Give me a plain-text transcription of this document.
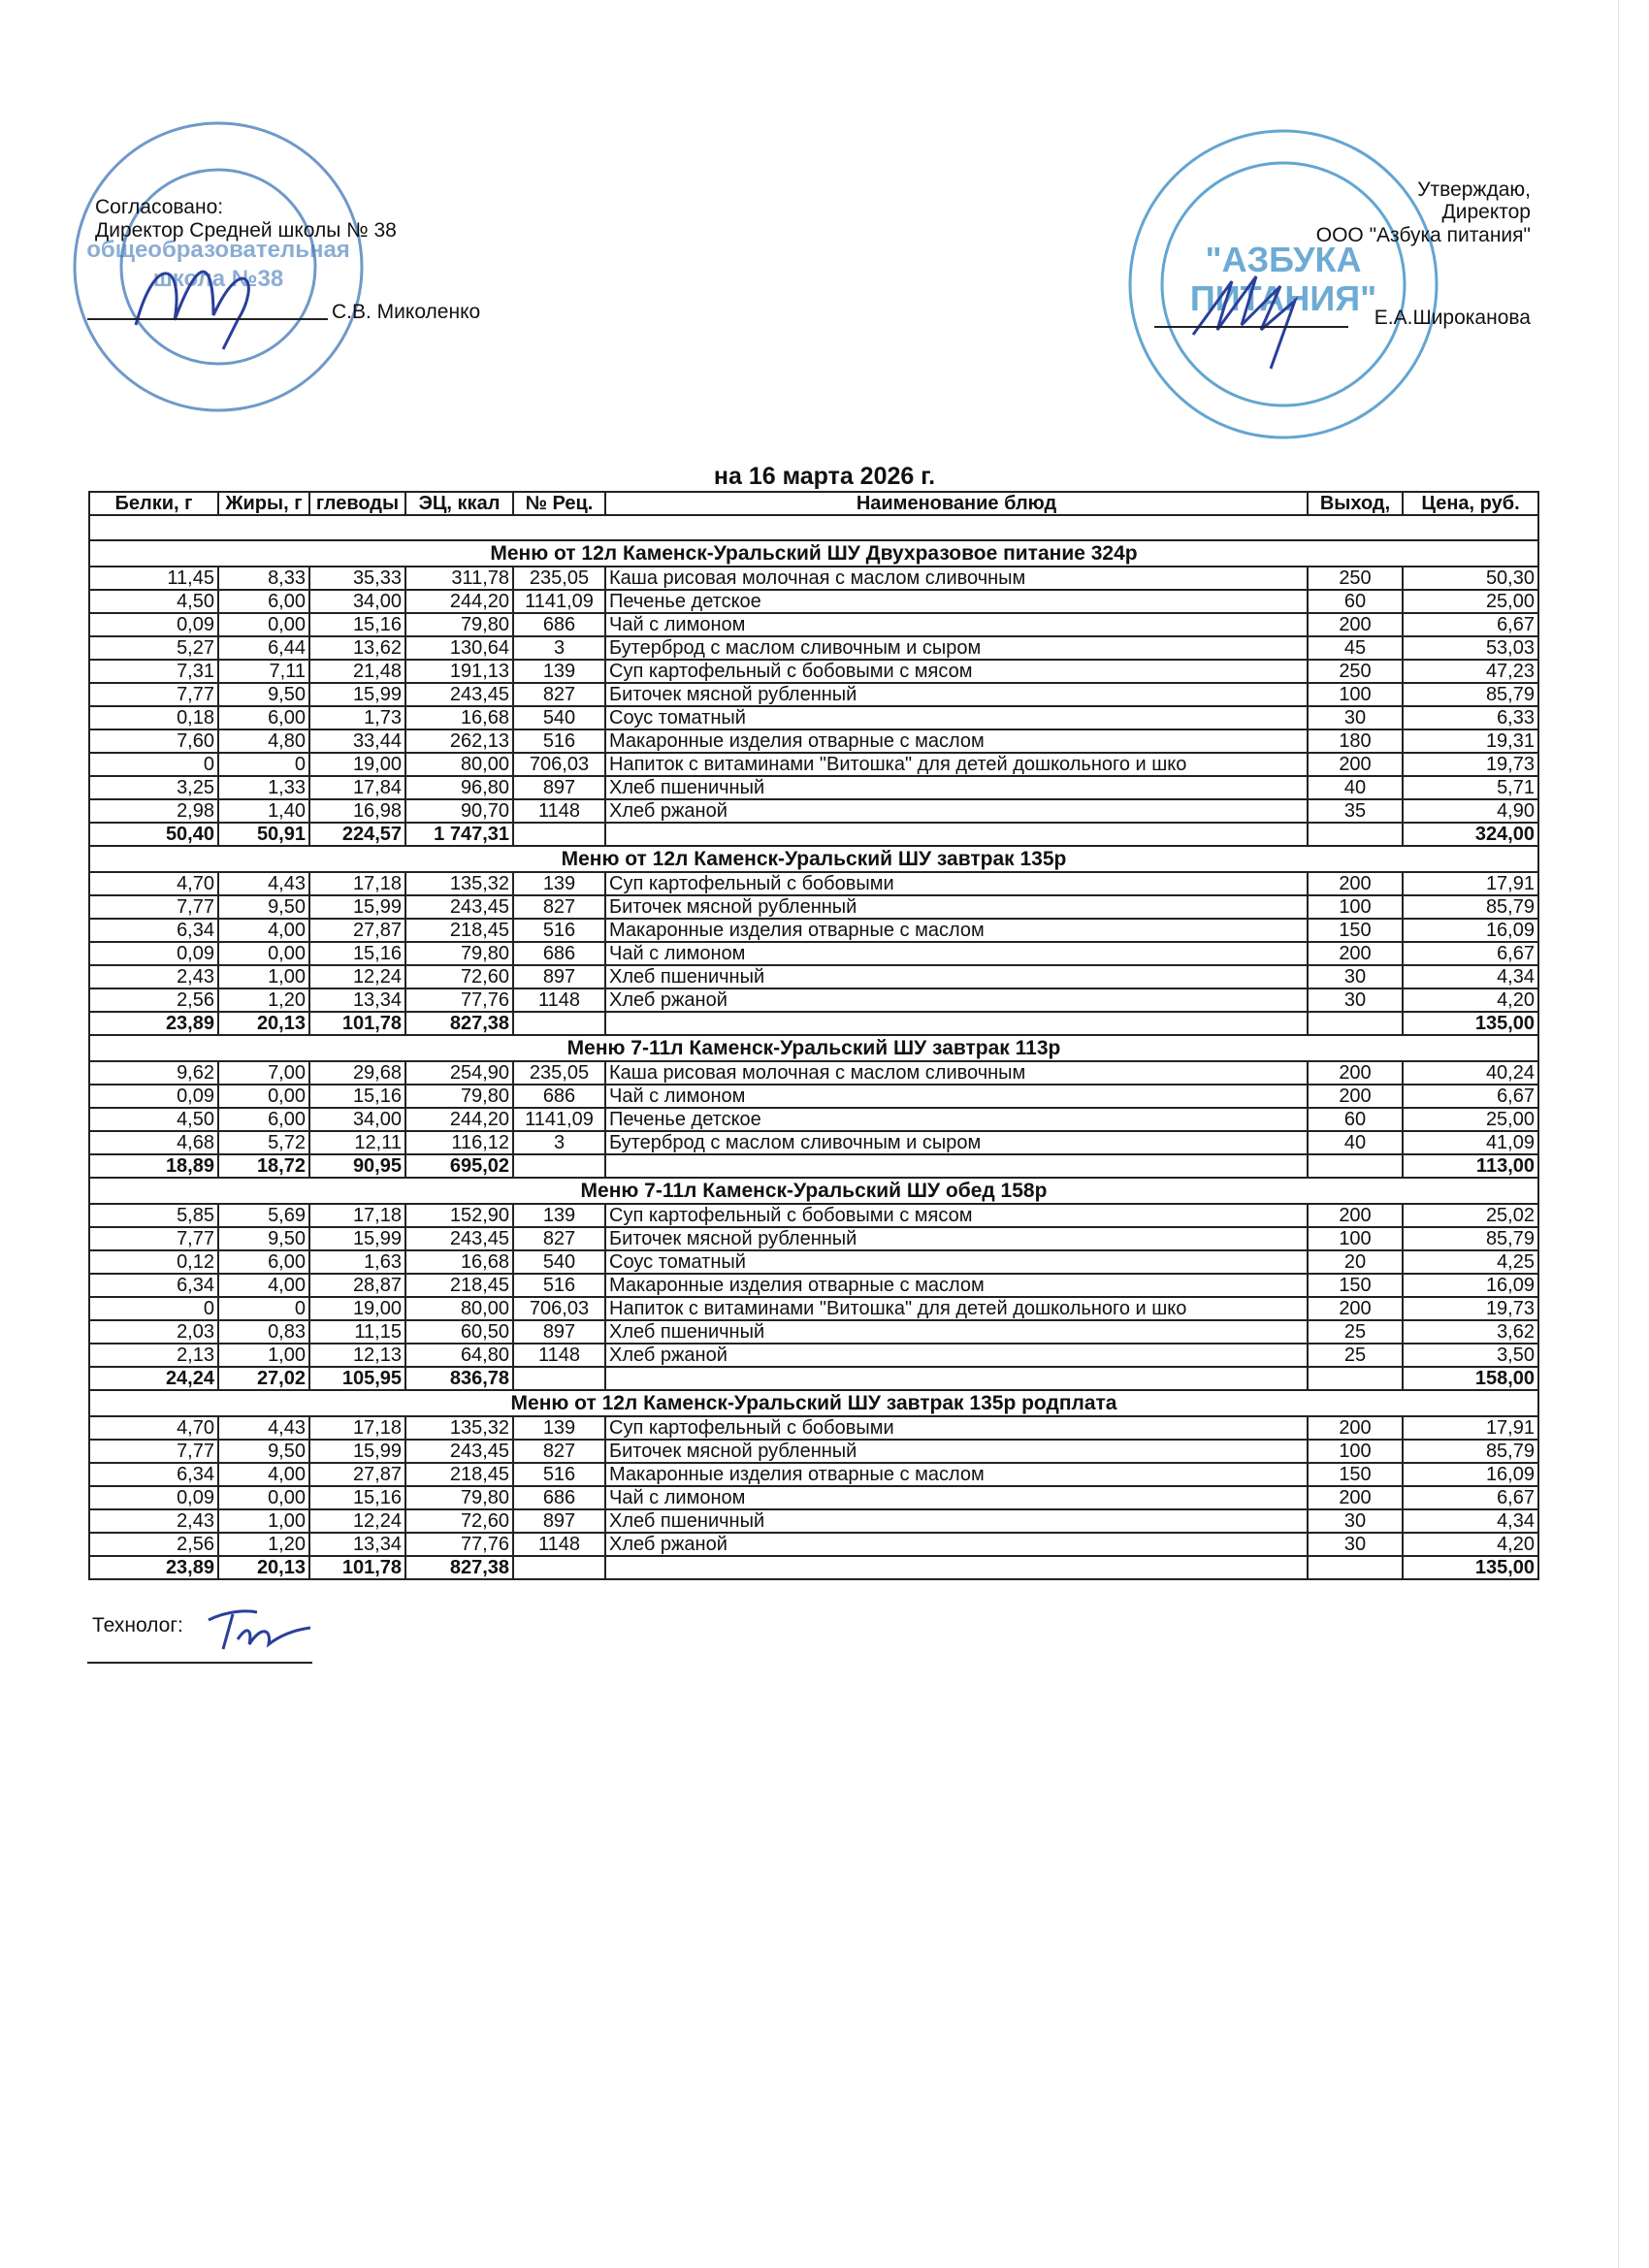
общеобразовательная
школа №38	"АЗБУКА
ПИТАНИЯ"
Согласовано:
Директор Средней школы № 38
С.В. Миколенко
Утверждаю,
Директор
ООО "Азбука питания"
Е.А.Широканова
на 16 марта 2026 г.
Белки, г	Жиры, г	глеводы	ЭЦ, ккал	№ Рец.	Наименование блюд	Выход,	Цена, руб.

Меню от 12л Каменск-Уральский ШУ Двухразовое питание 324р							
11,45	8,33	35,33	311,78	235,05	Каша рисовая молочная с маслом сливочным	250	50,30
4,50	6,00	34,00	244,20	1141,09	Печенье детское	60	25,00
0,09	0,00	15,16	79,80	686	Чай с лимоном	200	6,67
5,27	6,44	13,62	130,64	3	Бутерброд с маслом сливочным и сыром	45	53,03
7,31	7,11	21,48	191,13	139	Суп картофельный с бобовыми с мясом	250	47,23
7,77	9,50	15,99	243,45	827	Биточек мясной рубленный	100	85,79
0,18	6,00	1,73	16,68	540	Соус томатный	30	6,33
7,60	4,80	33,44	262,13	516	Макаронные изделия отварные с маслом	180	19,31
0	0	19,00	80,00	706,03	Напиток с витаминами "Витошка" для детей дошкольного и шко	200	19,73
3,25	1,33	17,84	96,80	897	Хлеб пшеничный	40	5,71
2,98	1,40	16,98	90,70	1148	Хлеб ржаной	35	4,90
50,40	50,91	224,57	1 747,31				324,00
Меню от 12л Каменск-Уральский ШУ завтрак 135р							
4,70	4,43	17,18	135,32	139	Суп картофельный с бобовыми	200	17,91
7,77	9,50	15,99	243,45	827	Биточек мясной рубленный	100	85,79
6,34	4,00	27,87	218,45	516	Макаронные изделия отварные с маслом	150	16,09
0,09	0,00	15,16	79,80	686	Чай с лимоном	200	6,67
2,43	1,00	12,24	72,60	897	Хлеб пшеничный	30	4,34
2,56	1,20	13,34	77,76	1148	Хлеб ржаной	30	4,20
23,89	20,13	101,78	827,38				135,00
Меню 7-11л Каменск-Уральский ШУ завтрак 113р							
9,62	7,00	29,68	254,90	235,05	Каша рисовая молочная с маслом сливочным	200	40,24
0,09	0,00	15,16	79,80	686	Чай с лимоном	200	6,67
4,50	6,00	34,00	244,20	1141,09	Печенье детское	60	25,00
4,68	5,72	12,11	116,12	3	Бутерброд с маслом сливочным и сыром	40	41,09
18,89	18,72	90,95	695,02				113,00
Меню 7-11л Каменск-Уральский ШУ обед 158р							
5,85	5,69	17,18	152,90	139	Суп картофельный с бобовыми с мясом	200	25,02
7,77	9,50	15,99	243,45	827	Биточек мясной рубленный	100	85,79
0,12	6,00	1,63	16,68	540	Соус томатный	20	4,25
6,34	4,00	28,87	218,45	516	Макаронные изделия отварные с маслом	150	16,09
0	0	19,00	80,00	706,03	Напиток с витаминами "Витошка" для детей дошкольного и шко	200	19,73
2,03	0,83	11,15	60,50	897	Хлеб пшеничный	25	3,62
2,13	1,00	12,13	64,80	1148	Хлеб ржаной	25	3,50
24,24	27,02	105,95	836,78				158,00
Меню от 12л Каменск-Уральский ШУ завтрак 135р родплата							
4,70	4,43	17,18	135,32	139	Суп картофельный с бобовыми	200	17,91
7,77	9,50	15,99	243,45	827	Биточек мясной рубленный	100	85,79
6,34	4,00	27,87	218,45	516	Макаронные изделия отварные с маслом	150	16,09
0,09	0,00	15,16	79,80	686	Чай с лимоном	200	6,67
2,43	1,00	12,24	72,60	897	Хлеб пшеничный	30	4,34
2,56	1,20	13,34	77,76	1148	Хлеб ржаной	30	4,20
23,89	20,13	101,78	827,38				135,00
Технолог:
